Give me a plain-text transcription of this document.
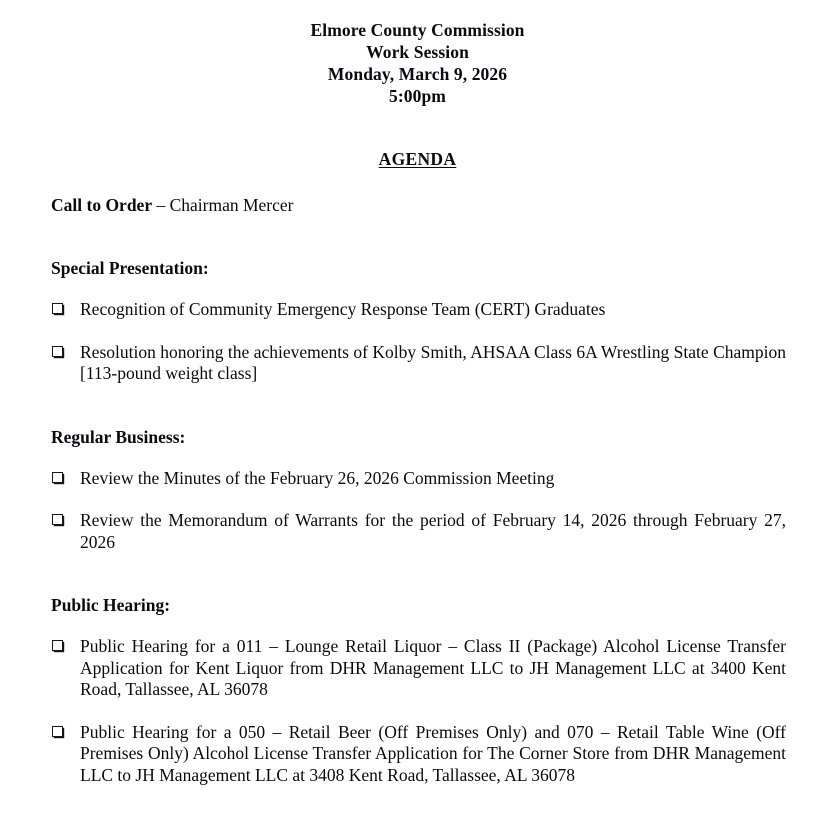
Elmore County Commission
Work Session
Monday, March 9, 2026
5:00pm
AGENDA
Call to Order – Chairman Mercer
Special Presentation:
Recognition of Community Emergency Response Team (CERT) Graduates
Resolution honoring the achievements of Kolby Smith, AHSAA Class 6A Wrestling State Champion [113-pound weight class]
Regular Business:
Review the Minutes of the February 26, 2026 Commission Meeting
Review the Memorandum of Warrants for the period of February 14, 2026 through February 27, 2026
Public Hearing:
Public Hearing for a 011 – Lounge Retail Liquor – Class II (Package) Alcohol License Transfer Application for Kent Liquor from DHR Management LLC to JH Management LLC at 3400 Kent Road, Tallassee, AL 36078
Public Hearing for a 050 – Retail Beer (Off Premises Only) and 070 – Retail Table Wine (Off Premises Only) Alcohol License Transfer Application for The Corner Store from DHR Management LLC to JH Management LLC at 3408 Kent Road, Tallassee, AL 36078
